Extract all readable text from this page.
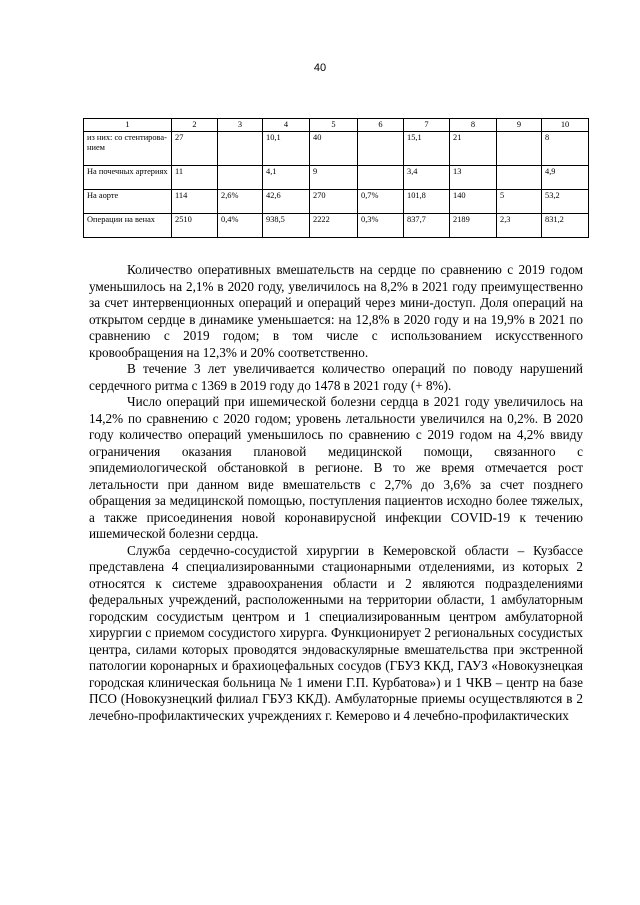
40
1	2	3	4	5	6	7	8	9	10
из них: со стентирова-нием	27		10,1	40		15,1	21		8
На почечных артериях	11		4,1	9		3,4	13		4,9
На аорте	114	2,6%	42,6	270	0,7%	101,8	140	5	53,2
Операции на венах	2510	0,4%	938,5	2222	0,3%	837,7	2189	2,3	831,2

Количество оперативных вмешательств на сердце по сравнению с 2019 годом уменьшилось на 2,1% в 2020 году, увеличилось на 8,2% в 2021 году преимущественно за счет интервенционных операций и операций через мини-доступ. Доля операций на открытом сердце в динамике уменьшается: на 12,8% в 2020 году и на 19,9% в 2021 по сравнению с 2019 годом; в том числе с использованием искусственного кровообращения на 12,3% и 20% соответственно.

В течение 3 лет увеличивается количество операций по поводу нарушений сердечного ритма с 1369 в 2019 году до 1478 в 2021 году (+ 8%).

Число операций при ишемической болезни сердца в 2021 году увеличилось на 14,2% по сравнению с 2020 годом; уровень летальности увеличился на 0,2%. В 2020 году количество операций уменьшилось по сравнению с 2019 годом на 4,2% ввиду ограничения оказания плановой медицинской помощи, связанного с эпидемиологической обстановкой в регионе. В то же время отмечается рост летальности при данном виде вмешательств с 2,7% до 3,6% за счет позднего обращения за медицинской помощью, поступления пациентов исходно более тяжелых, а также присоединения новой коронавирусной инфекции COVID-19 к течению ишемической болезни сердца.

Служба сердечно-сосудистой хирургии в Кемеровской области – Кузбассе представлена 4 специализированными стационарными отделениями, из которых 2 относятся к системе здравоохранения области и 2 являются подразделениями федеральных учреждений, расположенными на территории области, 1 амбулаторным городским сосудистым центром и 1 специализированным центром амбулаторной хирургии с приемом сосудистого хирурга. Функционирует 2 региональных сосудистых центра, силами которых проводятся эндоваскулярные вмешательства при экстренной патологии коронарных и брахиоцефальных сосудов (ГБУЗ ККД, ГАУЗ «Новокузнецкая городская клиническая больница № 1 имени Г.П. Курбатова») и 1 ЧКВ – центр на базе ПСО (Новокузнецкий филиал ГБУЗ ККД). Амбулаторные приемы осуществляются в 2 лечебно-профилактических учреждениях г. Кемерово и 4 лечебно-профилактических
